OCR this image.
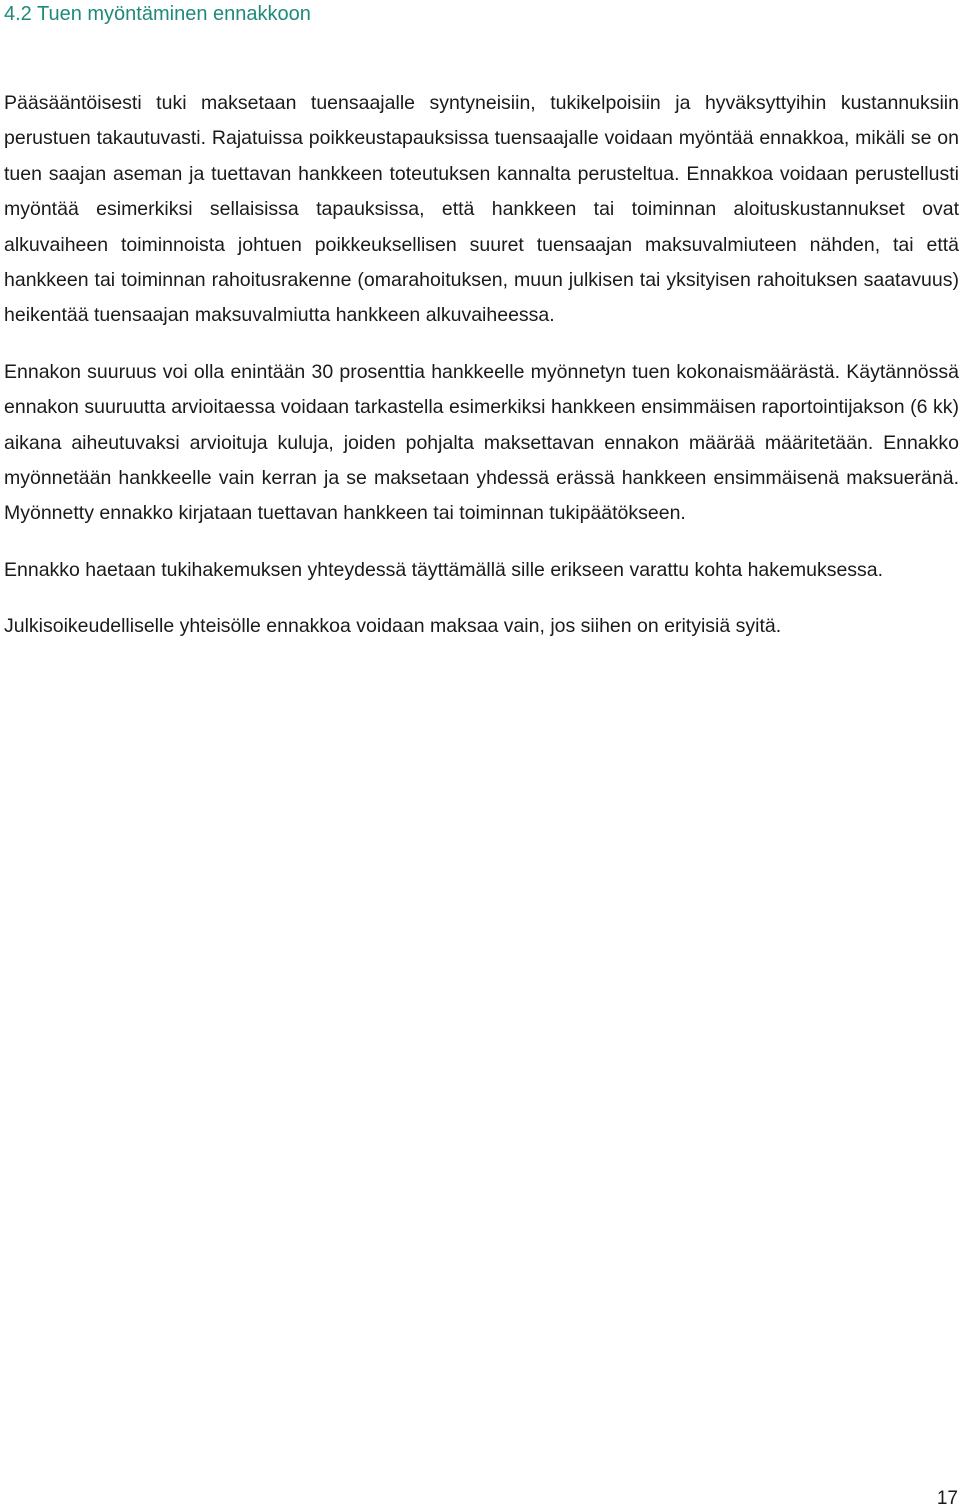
4.2 Tuen myöntäminen ennakkoon

Pääsääntöisesti tuki maksetaan tuensaajalle syntyneisiin, tukikelpoisiin ja hyväksyttyihin kustannuksiin perustuen takautuvasti. Rajatuissa poikkeustapauksissa tuensaajalle voidaan myöntää ennakkoa, mikäli se on tuen saajan aseman ja tuettavan hankkeen toteutuksen kannalta perusteltua. Ennakkoa voidaan perustellusti myöntää esimerkiksi sellaisissa tapauksissa, että hankkeen tai toiminnan aloituskustannukset ovat alkuvaiheen toiminnoista johtuen poikkeuksellisen suuret tuensaajan maksuvalmiuteen nähden, tai että hankkeen tai toiminnan rahoitusrakenne (omarahoituksen, muun julkisen tai yksityisen rahoituksen saatavuus) heikentää tuensaajan maksuvalmiutta hankkeen alkuvaiheessa.

Ennakon suuruus voi olla enintään 30 prosenttia hankkeelle myönnetyn tuen kokonaismäärästä. Käytännössä ennakon suuruutta arvioitaessa voidaan tarkastella esimerkiksi hankkeen ensimmäisen raportointijakson (6 kk) aikana aiheutuvaksi arvioituja kuluja, joiden pohjalta maksettavan ennakon määrää määritetään. Ennakko myönnetään hankkeelle vain kerran ja se maksetaan yhdessä erässä hankkeen ensimmäisenä maksueränä. Myönnetty ennakko kirjataan tuettavan hankkeen tai toiminnan tukipäätökseen.

Ennakko haetaan tukihakemuksen yhteydessä täyttämällä sille erikseen varattu kohta hakemuksessa.

Julkisoikeudelliselle yhteisölle ennakkoa voidaan maksaa vain, jos siihen on erityisiä syitä.

17
